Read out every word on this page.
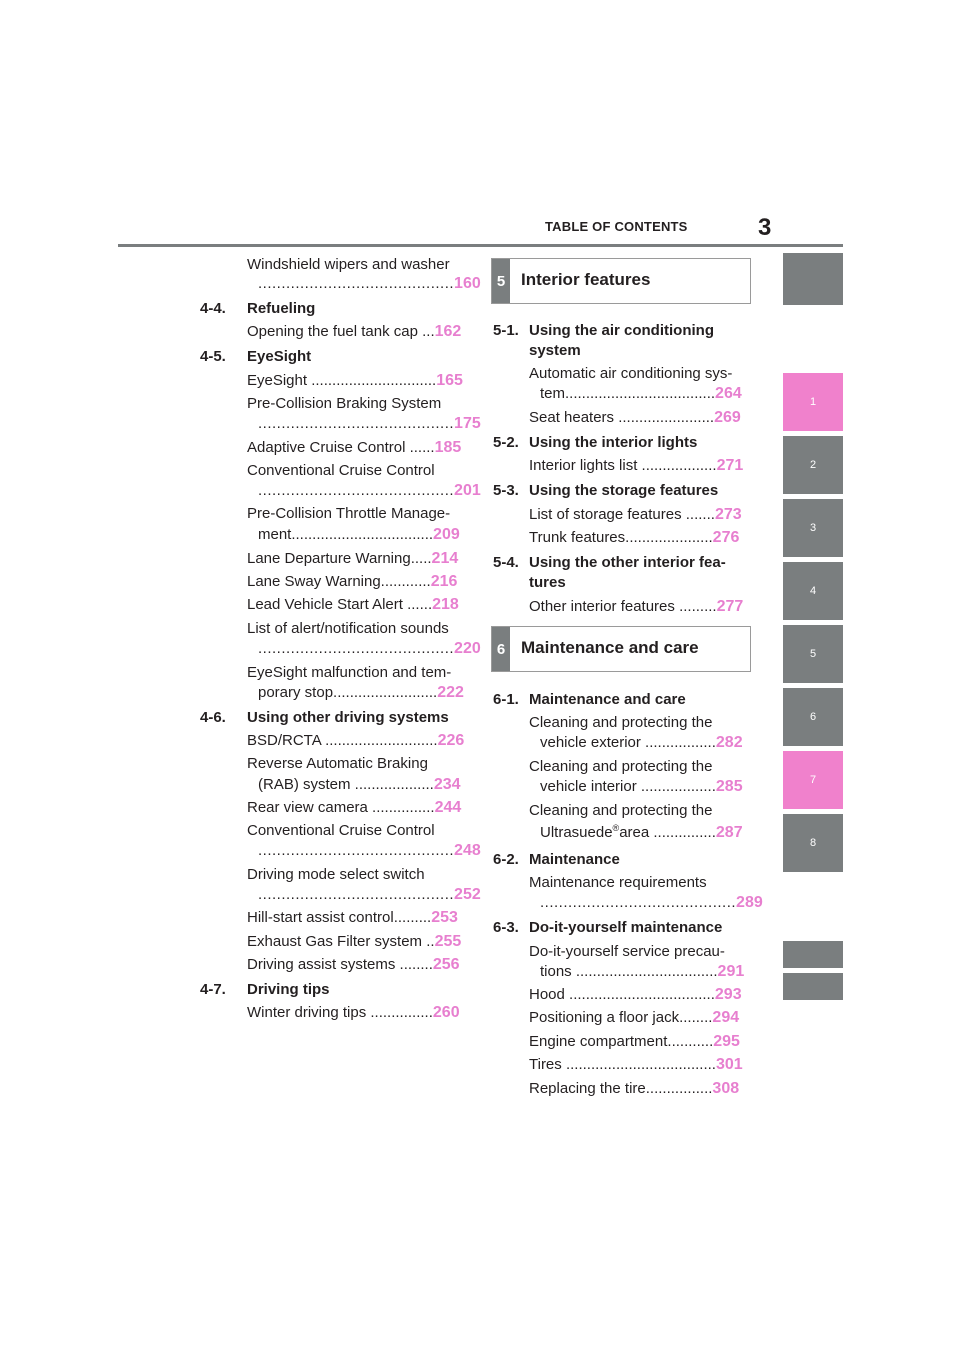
TABLE OF CONTENTS	3
1
2
3
4
5
6
7
8
Windshield wipers and washer
..........................................160
4-4. Refueling
Opening the fuel tank cap ...162
4-5. EyeSight
EyeSight ..............................165
Pre-Collision Braking System
..........................................175
Adaptive Cruise Control ......185
Conventional Cruise Control
..........................................201
Pre-Collision Throttle Manage-
ment..................................209
Lane Departure Warning.....214
Lane Sway Warning............216
Lead Vehicle Start Alert ......218
List of alert/notification sounds
..........................................220
EyeSight malfunction and tem-
porary stop.........................222
4-6. Using other driving systems
BSD/RCTA ...........................226
Reverse Automatic Braking
(RAB) system ...................234
Rear view camera ...............244
Conventional Cruise Control
..........................................248
Driving mode select switch
..........................................252
Hill-start assist control.........253
Exhaust Gas Filter system ..255
Driving assist systems ........256
4-7. Driving tips
Winter driving tips ...............260
5 Interior features
5-1. Using the air conditioning
system
Automatic air conditioning sys-
tem....................................264
Seat heaters .......................269
5-2. Using the interior lights
Interior lights list ..................271
5-3. Using the storage features
List of storage features .......273
Trunk features.....................276
5-4. Using the other interior fea-
tures
Other interior features .........277
6 Maintenance and care
6-1. Maintenance and care
Cleaning and protecting the
vehicle exterior .................282
Cleaning and protecting the
vehicle interior ..................285
Cleaning and protecting the
Ultrasuede®area ...............287
6-2. Maintenance
Maintenance requirements
..........................................289
6-3. Do-it-yourself maintenance
Do-it-yourself service precau-
tions ..................................291
Hood ...................................293
Positioning a floor jack........294
Engine compartment...........295
Tires ....................................301
Replacing the tire................308
